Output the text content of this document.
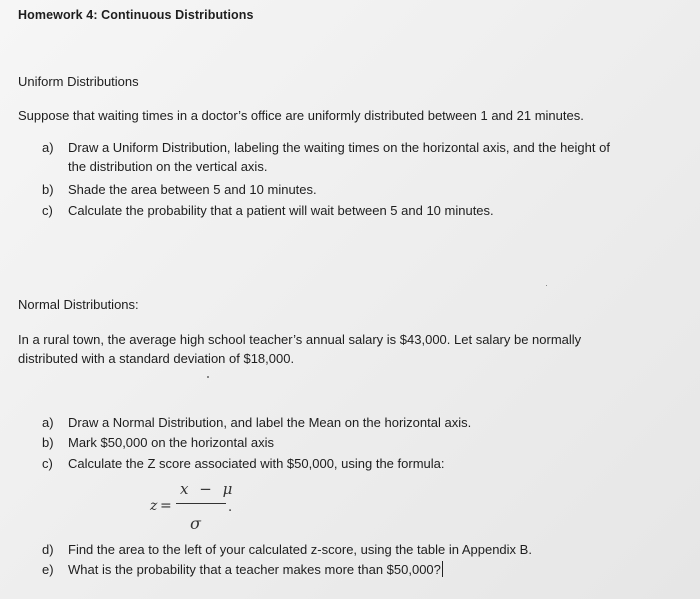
Homework 4: Continuous Distributions
Uniform Distributions
Suppose that waiting times in a doctor’s office are uniformly distributed between 1 and 21 minutes.
a)	Draw a Uniform Distribution, labeling the waiting times on the horizontal axis, and the height of
the distribution on the vertical axis.
b)	Shade the area between 5 and 10 minutes.
c)	Calculate the probability that a patient will wait between 5 and 10 minutes.
Normal Distributions:
In a rural town, the average high school teacher’s annual salary is $43,000. Let salary be normally
distributed with a standard deviation of $18,000.
a)	Draw a Normal Distribution, and label the Mean on the horizontal axis.
b)	Mark $50,000 on the horizontal axis
c)	Calculate the Z score associated with $50,000, using the formula:
z =
x − μ
.
σ
d)	Find the area to the left of your calculated z-score, using the table in Appendix B.
e)	What is the probability that a teacher makes more than $50,000?
